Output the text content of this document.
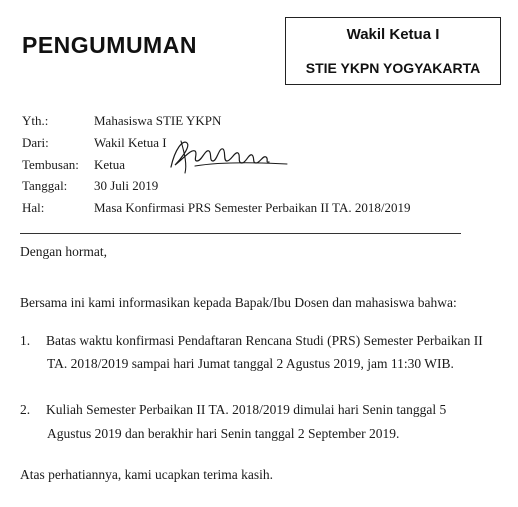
PENGUMUMAN	Wakil Ketua I
STIE YKPN YOGYAKARTA
Yth.:	Mahasiswa STIE YKPN
Dari:	Wakil Ketua I
Tembusan: Ketua
Tanggal: 30 Juli 2019
Hal:	Masa Konfirmasi PRS Semester Perbaikan II TA. 2018/2019
Dengan hormat,
Bersama ini kami informasikan kepada Bapak/Ibu Dosen dan mahasiswa bahwa:
1. Batas waktu konfirmasi Pendaftaran Rencana Studi (PRS) Semester Perbaikan II
TA. 2018/2019 sampai hari Jumat tanggal 2 Agustus 2019, jam 11:30 WIB.
2. Kuliah Semester Perbaikan II TA. 2018/2019 dimulai hari Senin tanggal 5
Agustus 2019 dan berakhir hari Senin tanggal 2 September 2019.
Atas perhatiannya, kami ucapkan terima kasih.
